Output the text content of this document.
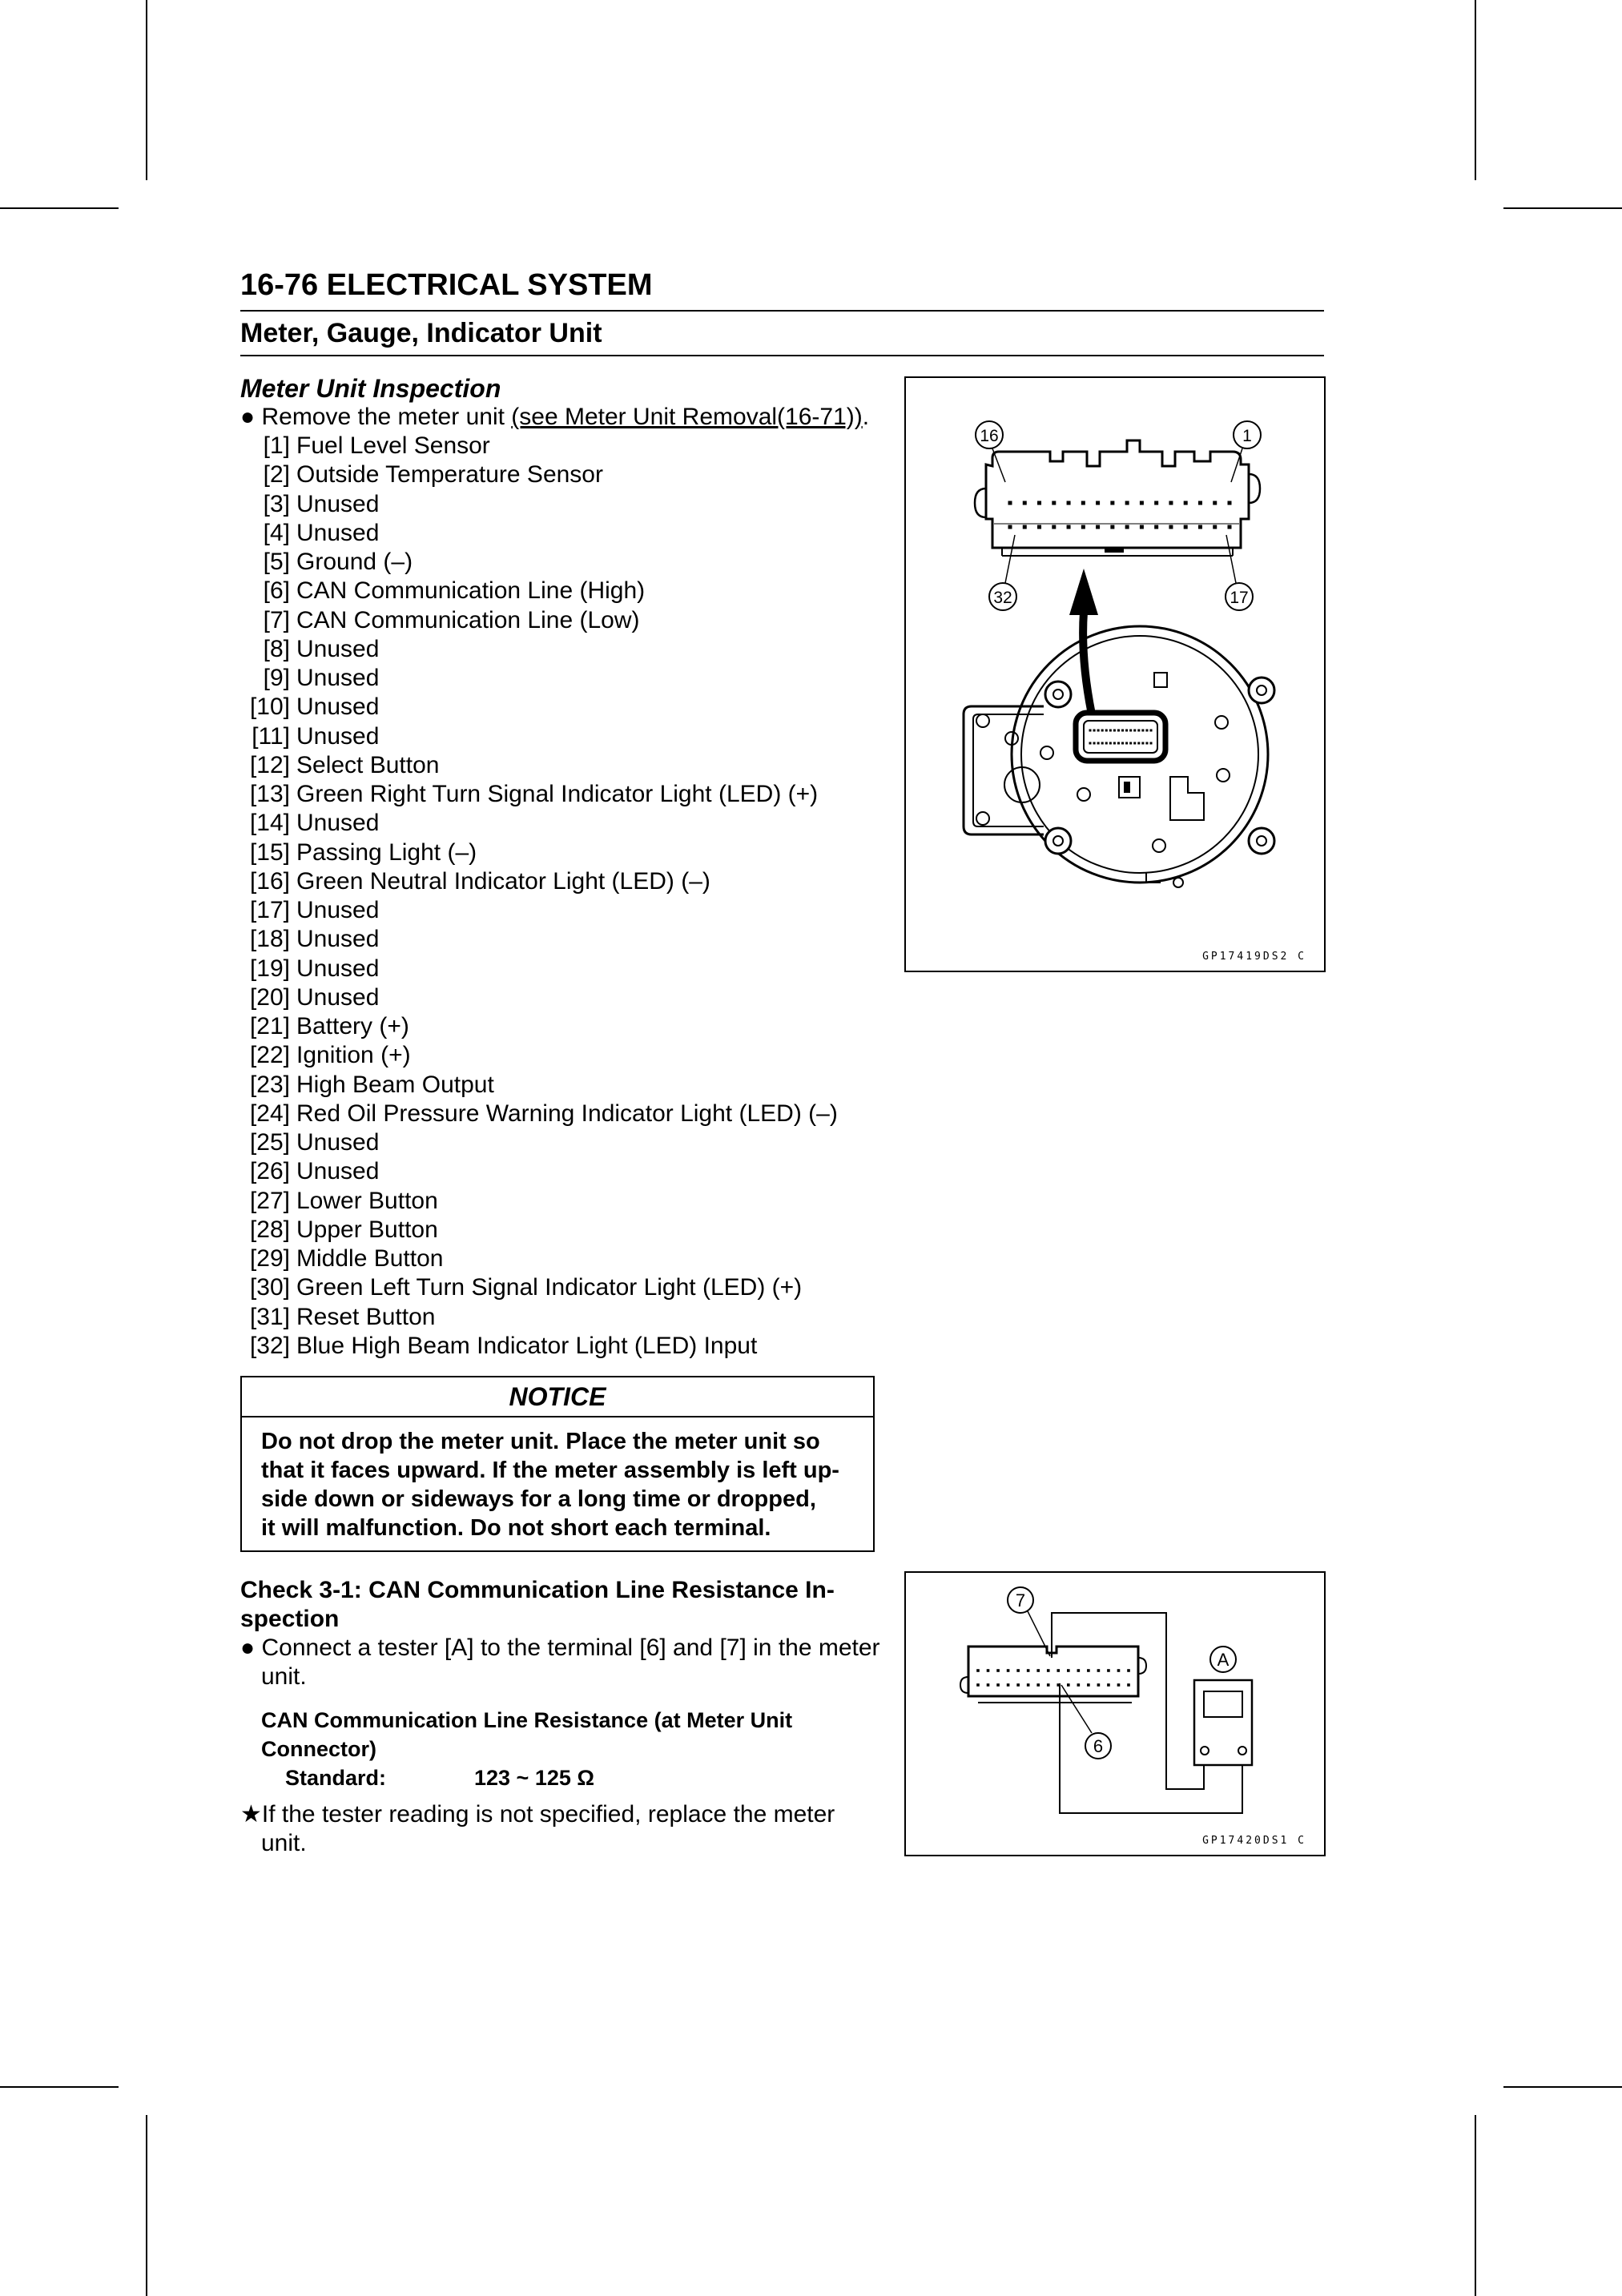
16-76 ELECTRICAL SYSTEM
Meter, Gauge, Indicator Unit
Meter Unit Inspection
● Remove the meter unit (see Meter Unit Removal(16-71)).
[1] Fuel Level Sensor
[2] Outside Temperature Sensor
[3] Unused
[4] Unused
[5] Ground (–)
[6] CAN Communication Line (High)
[7] CAN Communication Line (Low)
[8] Unused
[9] Unused
[10] Unused
[11] Unused
[12] Select Button
[13] Green Right Turn Signal Indicator Light (LED) (+)
[14] Unused
[15] Passing Light (–)
[16] Green Neutral Indicator Light (LED) (–)
[17] Unused
[18] Unused
[19] Unused
[20] Unused
[21] Battery (+)
[22] Ignition (+)
[23] High Beam Output
[24] Red Oil Pressure Warning Indicator Light (LED) (–)
[25] Unused
[26] Unused
[27] Lower Button
[28] Upper Button
[29] Middle Button
[30] Green Left Turn Signal Indicator Light (LED) (+)
[31] Reset Button
[32] Blue High Beam Indicator Light (LED) Input
NOTICE
Do not drop the meter unit. Place the meter unit so
that it faces upward. If the meter assembly is left up-
side down or sideways for a long time or dropped,
it will malfunction. Do not short each terminal.
Check 3-1: CAN Communication Line Resistance In-
spection
● Connect a tester [A] to the terminal [6] and [7] in the meter
unit.
CAN Communication Line Resistance (at Meter Unit
Connector)
Standard:	123 ~ 125 Ω
★If the tester reading is not specified, replace the meter
unit.
16	1
32	17
GP17419DS2 C
7
A
6
GP17420DS1 C
